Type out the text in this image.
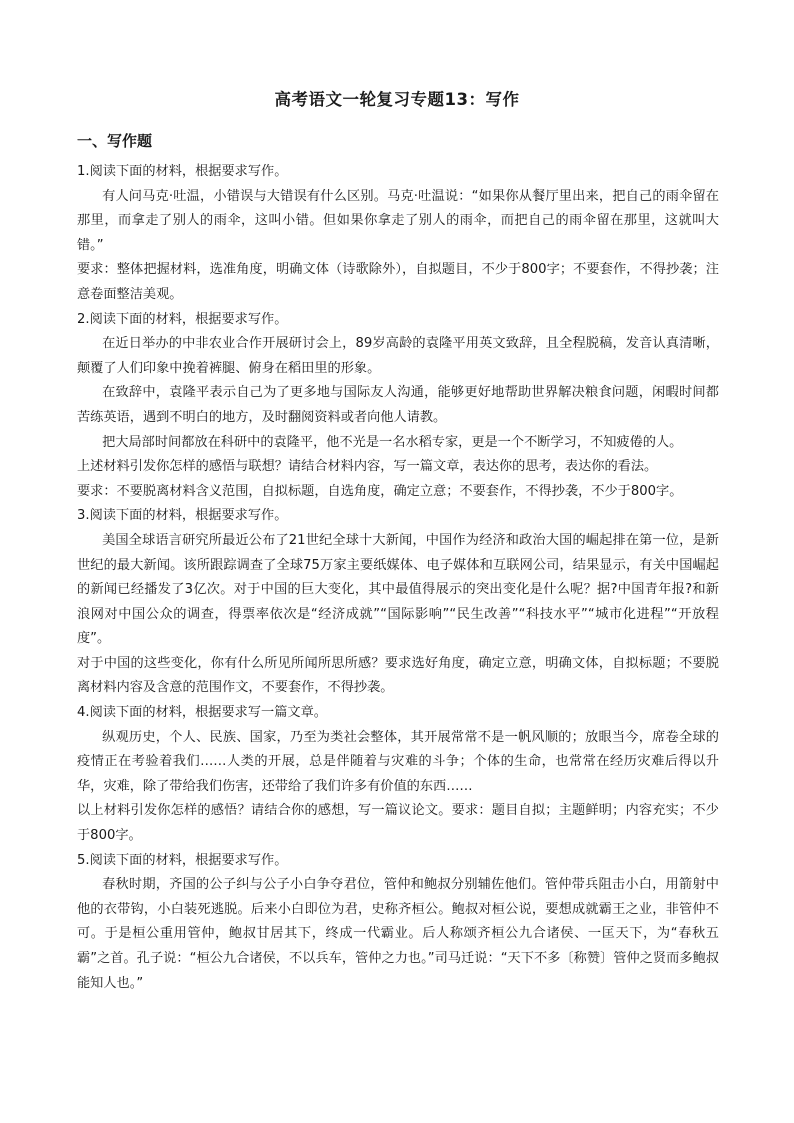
高考语文一轮复习专题13：写作
一、写作题

1.阅读下面的材料，根据要求写作。

有人问马克·吐温，小错误与大错误有什么区别。马克·吐温说：“如果你从餐厅里出来，把自己的雨伞留在那里，而拿走了别人的雨伞，这叫小错。但如果你拿走了别人的雨伞，而把自己的雨伞留在那里，这就叫大错。”

要求：整体把握材料，选准角度，明确文体（诗歌除外），自拟题目，不少于800字；不要套作，不得抄袭；注意卷面整洁美观。

2.阅读下面的材料，根据要求写作。

在近日举办的中非农业合作开展研讨会上，89岁高龄的袁隆平用英文致辞，且全程脱稿，发音认真清晰，颠覆了人们印象中挽着裤腿、俯身在稻田里的形象。

在致辞中，袁隆平表示自己为了更多地与国际友人沟通，能够更好地帮助世界解决粮食问题，闲暇时间都苦练英语，遇到不明白的地方，及时翻阅资料或者向他人请教。

把大局部时间都放在科研中的袁隆平，他不光是一名水稻专家，更是一个不断学习，不知疲倦的人。

上述材料引发你怎样的感悟与联想？请结合材料内容，写一篇文章，表达你的思考，表达你的看法。

要求：不要脱离材料含义范围，自拟标题，自选角度，确定立意；不要套作，不得抄袭，不少于800字。

3.阅读下面的材料，根据要求写作。

美国全球语言研究所最近公布了21世纪全球十大新闻，中国作为经济和政治大国的崛起排在第一位，是新世纪的最大新闻。该所跟踪调查了全球75万家主要纸媒体、电子媒体和互联网公司，结果显示，有关中国崛起的新闻已经播发了3亿次。对于中国的巨大变化，其中最值得展示的突出变化是什么呢？据?中国青年报?和新浪网对中国公众的调查，得票率依次是“经济成就”“国际影响”“民生改善”“科技水平”“城市化进程”“开放程度”。

对于中国的这些变化，你有什么所见所闻所思所感？要求选好角度，确定立意，明确文体，自拟标题；不要脱离材料内容及含意的范围作文，不要套作，不得抄袭。

4.阅读下面的材料，根据要求写一篇文章。

纵观历史，个人、民族、国家，乃至为类社会整体，其开展常常不是一帆风顺的；放眼当今，席卷全球的疫情正在考验着我们……人类的开展，总是伴随着与灾难的斗争；个体的生命，也常常在经历灾难后得以升华，灾难，除了带给我们伤害，还带给了我们许多有价值的东西……

以上材料引发你怎样的感悟？请结合你的感想，写一篇议论文。要求：题目自拟；主题鲜明；内容充实；不少于800字。

5.阅读下面的材料，根据要求写作。

春秋时期，齐国的公子纠与公子小白争夺君位，管仲和鲍叔分别辅佐他们。管仲带兵阻击小白，用箭射中他的衣带钩，小白装死逃脱。后来小白即位为君，史称齐桓公。鲍叔对桓公说，要想成就霸王之业，非管仲不可。于是桓公重用管仲，鲍叔甘居其下，终成一代霸业。后人称颂齐桓公九合诸侯、一匡天下，为“春秋五霸”之首。孔子说：“桓公九合诸侯，不以兵车，管仲之力也。”司马迁说：“天下不多〔称赞〕管仲之贤而多鲍叔能知人也。”
